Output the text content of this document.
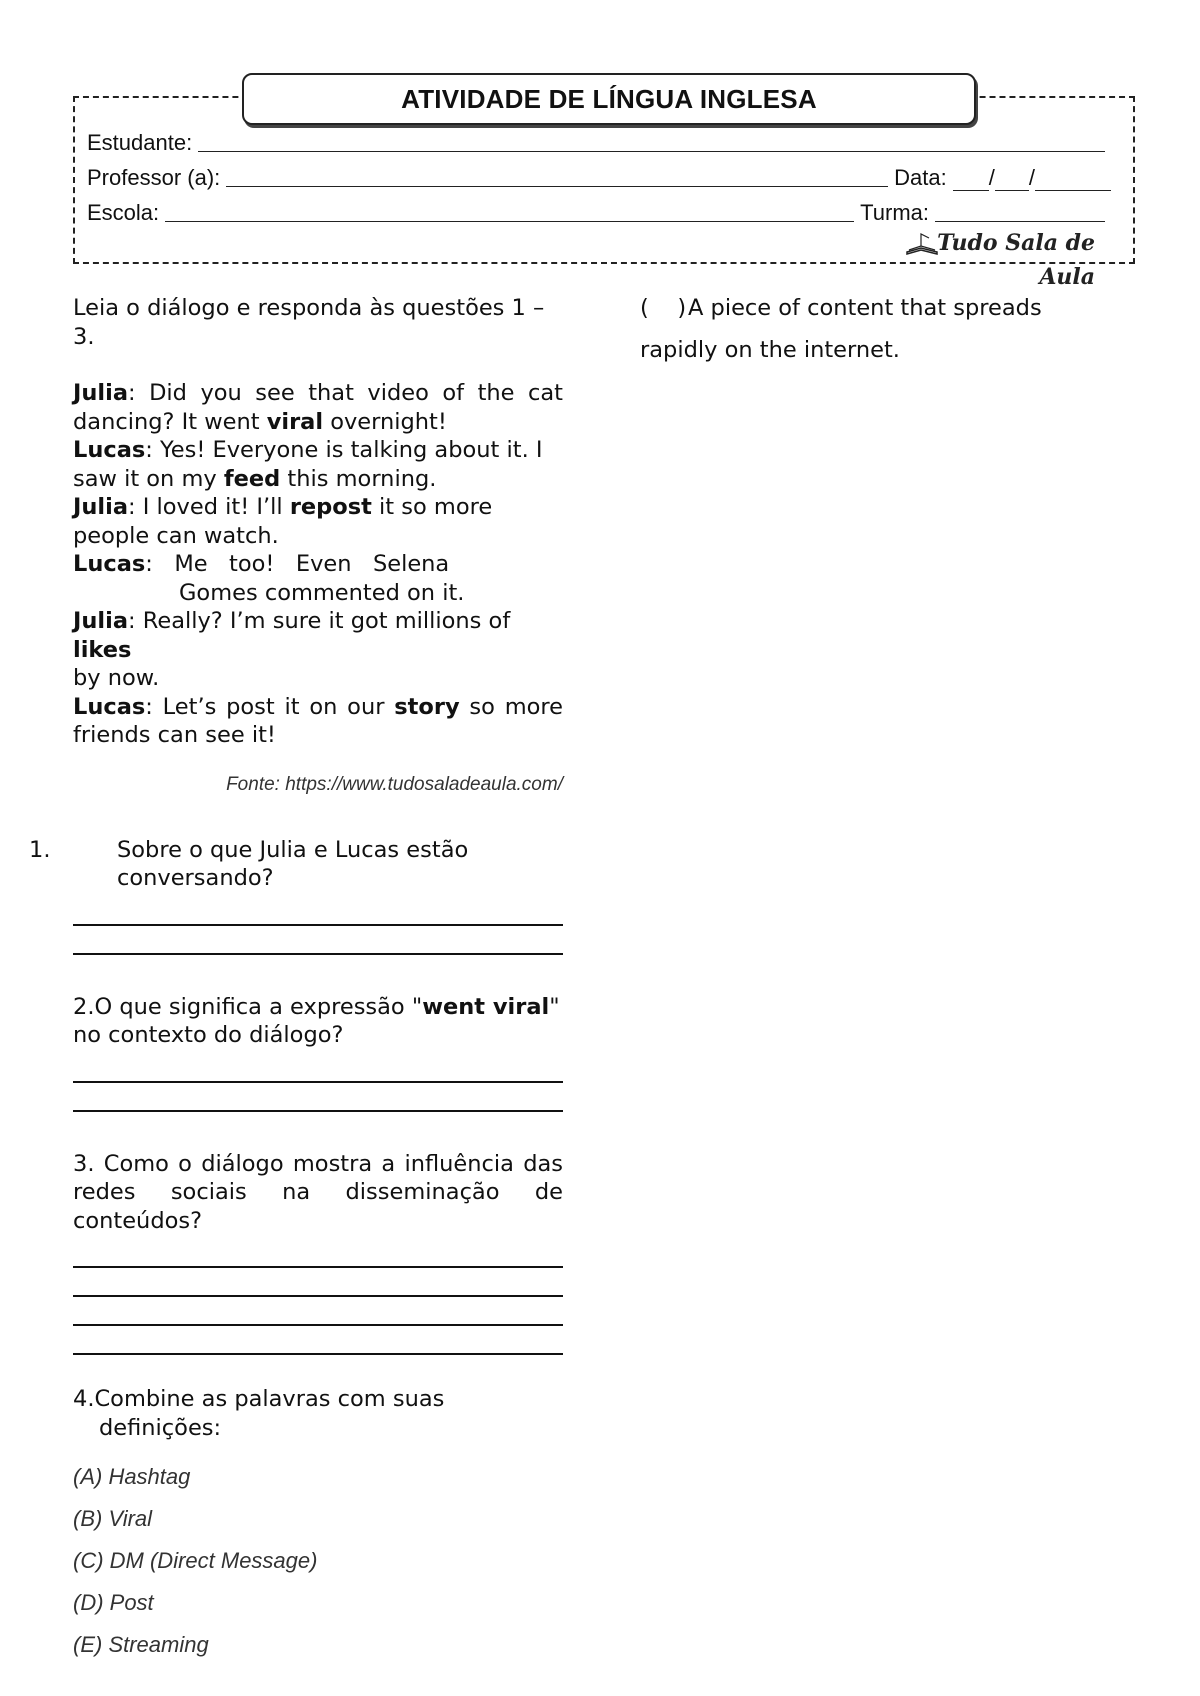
Estudante:
Professor (a):	Data:	/ /
Escola:	Turma:
Tudo Sala de Aula
ATIVIDADE DE LÍNGUA INGLESA

Leia o diálogo e responda às questões 1 – 3.

Julia: Did you see that video of the cat dancing? It went viral overnight!
Lucas: Yes! Everyone is talking about it. I saw it on my feed this morning.
Julia: I loved it! I’ll repost it so more people can watch.
Lucas:   Me   too!   Even   Selena
Gomes commented on it.
Julia: Really? I’m sure it got millions of
likes
by now.
Lucas: Let’s post it on our story so more friends can see it!
Fonte: https://www.tudosaladeaula.com/

1.	Sobre o que Julia e Lucas estão conversando?

2.O que significa a expressão "went viral" no contexto do diálogo?

3. Como o diálogo mostra a influência das redes sociais na disseminação de conteúdos?

4.Combine as palavras com suas definições:

(A) Hashtag
(B) Viral
(C) DM (Direct Message)
(D) Post
(E) Streaming
(    )A piece of content that spreads rapidly on the internet.
